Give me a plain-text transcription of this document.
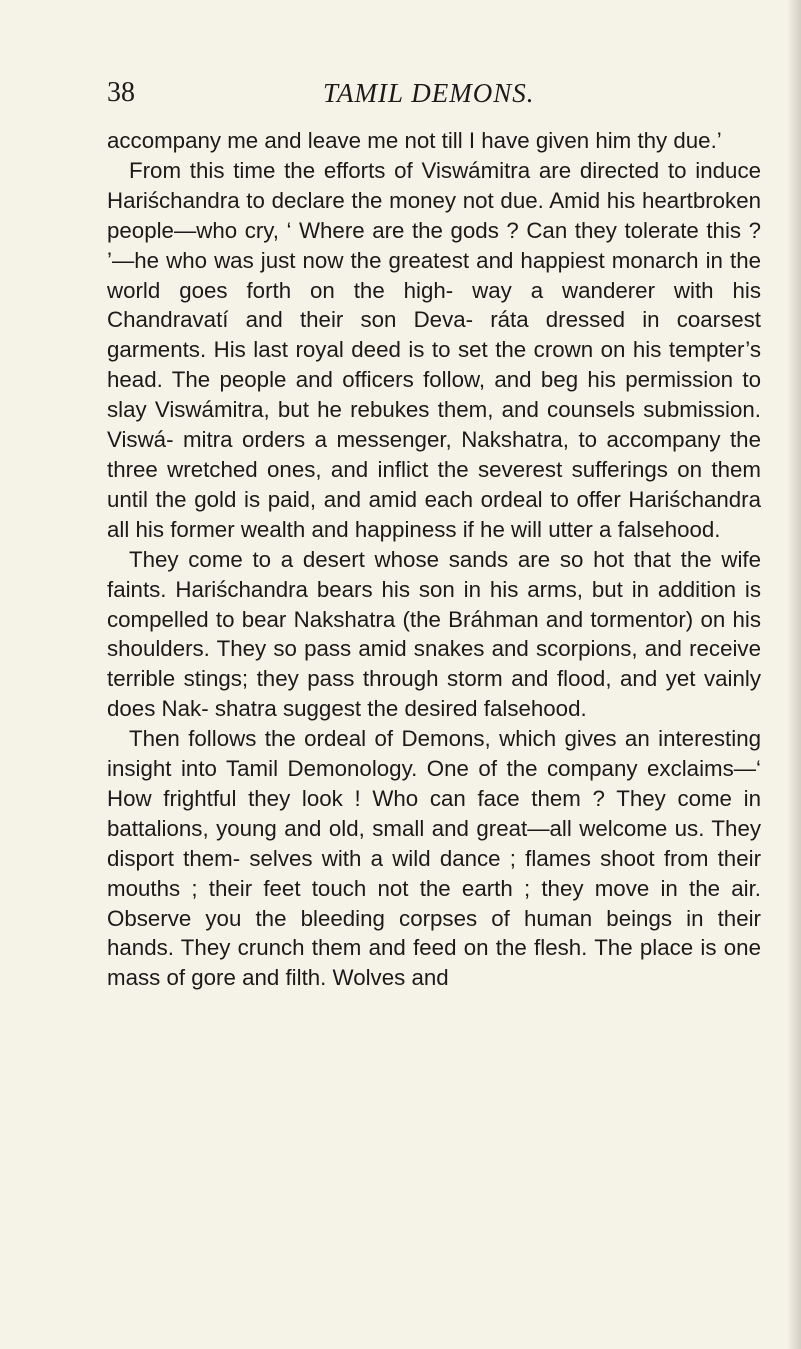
38	TAMIL DEMONS.

accompany me and leave me not till I have given him thy due.’

From this time the efforts of Viswámitra are directed to induce Hariśchandra to declare the money not due. Amid his heartbroken people—who cry, ‘ Where are the gods ? Can they tolerate this ? ’—he who was just now the greatest and happiest monarch in the world goes forth on the high- way a wanderer with his Chandravatí and their son Deva- ráta dressed in coarsest garments. His last royal deed is to set the crown on his tempter’s head. The people and officers follow, and beg his permission to slay Viswámitra, but he rebukes them, and counsels submission. Viswá- mitra orders a messenger, Nakshatra, to accompany the three wretched ones, and inflict the severest sufferings on them until the gold is paid, and amid each ordeal to offer Hariśchandra all his former wealth and happiness if he will utter a falsehood.

They come to a desert whose sands are so hot that the wife faints. Hariśchandra bears his son in his arms, but in addition is compelled to bear Nakshatra (the Bráhman and tormentor) on his shoulders. They so pass amid snakes and scorpions, and receive terrible stings; they pass through storm and flood, and yet vainly does Nak- shatra suggest the desired falsehood.

Then follows the ordeal of Demons, which gives an interesting insight into Tamil Demonology. One of the company exclaims—‘ How frightful they look ! Who can face them ? They come in battalions, young and old, small and great—all welcome us. They disport them- selves with a wild dance ; flames shoot from their mouths ; their feet touch not the earth ; they move in the air. Observe you the bleeding corpses of human beings in their hands. They crunch them and feed on the flesh. The place is one mass of gore and filth. Wolves and
